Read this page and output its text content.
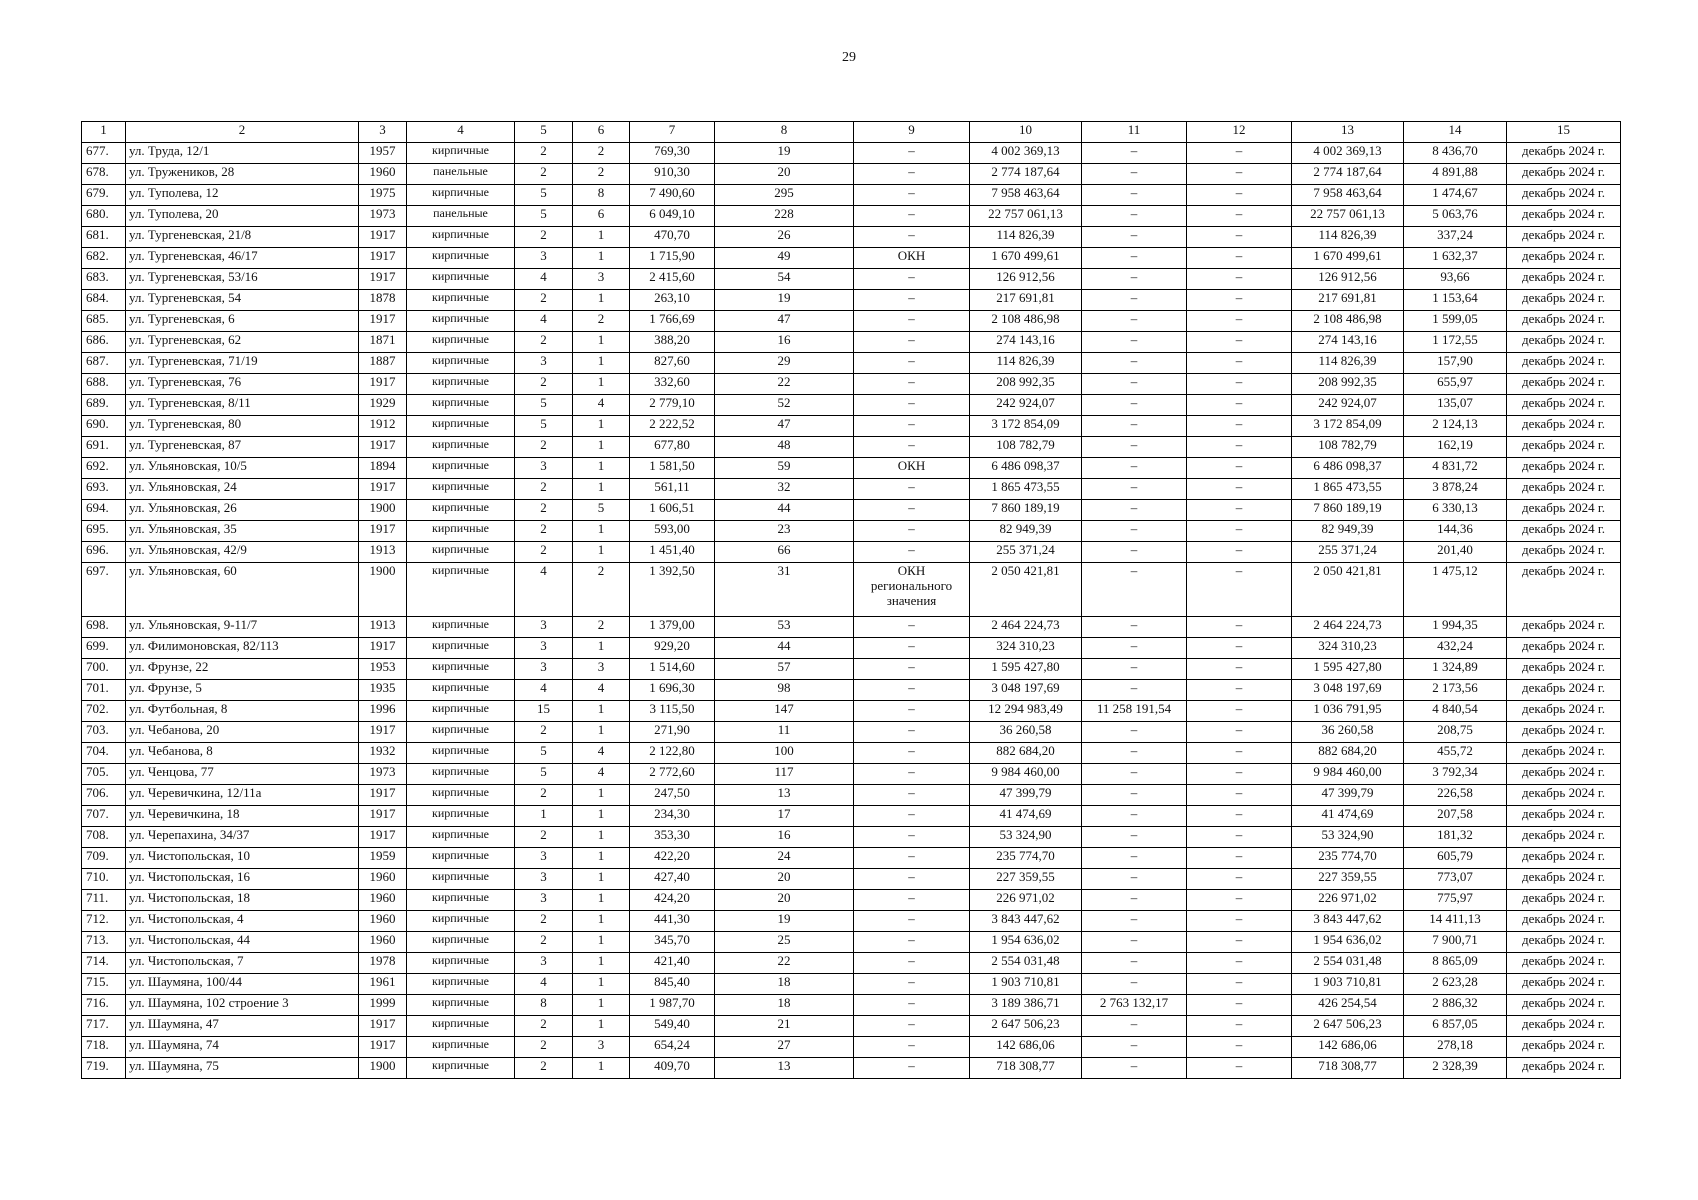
29
1	2	3	4	5	6	7	8	9	10	11	12	13	14	15
677.	ул. Труда, 12/1	1957	кирпичные	2	2	769,30	19	–	4 002 369,13	–	–	4 002 369,13	8 436,70	декабрь 2024 г.
678.	ул. Тружеников, 28	1960	панельные	2	2	910,30	20	–	2 774 187,64	–	–	2 774 187,64	4 891,88	декабрь 2024 г.
679.	ул. Туполева, 12	1975	кирпичные	5	8	7 490,60	295	–	7 958 463,64	–	–	7 958 463,64	1 474,67	декабрь 2024 г.
680.	ул. Туполева, 20	1973	панельные	5	6	6 049,10	228	–	22 757 061,13	–	–	22 757 061,13	5 063,76	декабрь 2024 г.
681.	ул. Тургеневская, 21/8	1917	кирпичные	2	1	470,70	26	–	114 826,39	–	–	114 826,39	337,24	декабрь 2024 г.
682.	ул. Тургеневская, 46/17	1917	кирпичные	3	1	1 715,90	49	ОКН	1 670 499,61	–	–	1 670 499,61	1 632,37	декабрь 2024 г.
683.	ул. Тургеневская, 53/16	1917	кирпичные	4	3	2 415,60	54	–	126 912,56	–	–	126 912,56	93,66	декабрь 2024 г.
684.	ул. Тургеневская, 54	1878	кирпичные	2	1	263,10	19	–	217 691,81	–	–	217 691,81	1 153,64	декабрь 2024 г.
685.	ул. Тургеневская, 6	1917	кирпичные	4	2	1 766,69	47	–	2 108 486,98	–	–	2 108 486,98	1 599,05	декабрь 2024 г.
686.	ул. Тургеневская, 62	1871	кирпичные	2	1	388,20	16	–	274 143,16	–	–	274 143,16	1 172,55	декабрь 2024 г.
687.	ул. Тургеневская, 71/19	1887	кирпичные	3	1	827,60	29	–	114 826,39	–	–	114 826,39	157,90	декабрь 2024 г.
688.	ул. Тургеневская, 76	1917	кирпичные	2	1	332,60	22	–	208 992,35	–	–	208 992,35	655,97	декабрь 2024 г.
689.	ул. Тургеневская, 8/11	1929	кирпичные	5	4	2 779,10	52	–	242 924,07	–	–	242 924,07	135,07	декабрь 2024 г.
690.	ул. Тургеневская, 80	1912	кирпичные	5	1	2 222,52	47	–	3 172 854,09	–	–	3 172 854,09	2 124,13	декабрь 2024 г.
691.	ул. Тургеневская, 87	1917	кирпичные	2	1	677,80	48	–	108 782,79	–	–	108 782,79	162,19	декабрь 2024 г.
692.	ул. Ульяновская, 10/5	1894	кирпичные	3	1	1 581,50	59	ОКН	6 486 098,37	–	–	6 486 098,37	4 831,72	декабрь 2024 г.
693.	ул. Ульяновская, 24	1917	кирпичные	2	1	561,11	32	–	1 865 473,55	–	–	1 865 473,55	3 878,24	декабрь 2024 г.
694.	ул. Ульяновская, 26	1900	кирпичные	2	5	1 606,51	44	–	7 860 189,19	–	–	7 860 189,19	6 330,13	декабрь 2024 г.
695.	ул. Ульяновская, 35	1917	кирпичные	2	1	593,00	23	–	82 949,39	–	–	82 949,39	144,36	декабрь 2024 г.
696.	ул. Ульяновская, 42/9	1913	кирпичные	2	1	1 451,40	66	–	255 371,24	–	–	255 371,24	201,40	декабрь 2024 г.
697.	ул. Ульяновская, 60	1900	кирпичные	4	2	1 392,50	31	ОКН регионального значения	2 050 421,81	–	–	2 050 421,81	1 475,12	декабрь 2024 г.
698.	ул. Ульяновская, 9-11/7	1913	кирпичные	3	2	1 379,00	53	–	2 464 224,73	–	–	2 464 224,73	1 994,35	декабрь 2024 г.
699.	ул. Филимоновская, 82/113	1917	кирпичные	3	1	929,20	44	–	324 310,23	–	–	324 310,23	432,24	декабрь 2024 г.
700.	ул. Фрунзе, 22	1953	кирпичные	3	3	1 514,60	57	–	1 595 427,80	–	–	1 595 427,80	1 324,89	декабрь 2024 г.
701.	ул. Фрунзе, 5	1935	кирпичные	4	4	1 696,30	98	–	3 048 197,69	–	–	3 048 197,69	2 173,56	декабрь 2024 г.
702.	ул. Футбольная, 8	1996	кирпичные	15	1	3 115,50	147	–	12 294 983,49	11 258 191,54	–	1 036 791,95	4 840,54	декабрь 2024 г.
703.	ул. Чебанова, 20	1917	кирпичные	2	1	271,90	11	–	36 260,58	–	–	36 260,58	208,75	декабрь 2024 г.
704.	ул. Чебанова, 8	1932	кирпичные	5	4	2 122,80	100	–	882 684,20	–	–	882 684,20	455,72	декабрь 2024 г.
705.	ул. Ченцова, 77	1973	кирпичные	5	4	2 772,60	117	–	9 984 460,00	–	–	9 984 460,00	3 792,34	декабрь 2024 г.
706.	ул. Черевичкина, 12/11а	1917	кирпичные	2	1	247,50	13	–	47 399,79	–	–	47 399,79	226,58	декабрь 2024 г.
707.	ул. Черевичкина, 18	1917	кирпичные	1	1	234,30	17	–	41 474,69	–	–	41 474,69	207,58	декабрь 2024 г.
708.	ул. Черепахина, 34/37	1917	кирпичные	2	1	353,30	16	–	53 324,90	–	–	53 324,90	181,32	декабрь 2024 г.
709.	ул. Чистопольская, 10	1959	кирпичные	3	1	422,20	24	–	235 774,70	–	–	235 774,70	605,79	декабрь 2024 г.
710.	ул. Чистопольская, 16	1960	кирпичные	3	1	427,40	20	–	227 359,55	–	–	227 359,55	773,07	декабрь 2024 г.
711.	ул. Чистопольская, 18	1960	кирпичные	3	1	424,20	20	–	226 971,02	–	–	226 971,02	775,97	декабрь 2024 г.
712.	ул. Чистопольская, 4	1960	кирпичные	2	1	441,30	19	–	3 843 447,62	–	–	3 843 447,62	14 411,13	декабрь 2024 г.
713.	ул. Чистопольская, 44	1960	кирпичные	2	1	345,70	25	–	1 954 636,02	–	–	1 954 636,02	7 900,71	декабрь 2024 г.
714.	ул. Чистопольская, 7	1978	кирпичные	3	1	421,40	22	–	2 554 031,48	–	–	2 554 031,48	8 865,09	декабрь 2024 г.
715.	ул. Шаумяна, 100/44	1961	кирпичные	4	1	845,40	18	–	1 903 710,81	–	–	1 903 710,81	2 623,28	декабрь 2024 г.
716.	ул. Шаумяна, 102 строение 3	1999	кирпичные	8	1	1 987,70	18	–	3 189 386,71	2 763 132,17	–	426 254,54	2 886,32	декабрь 2024 г.
717.	ул. Шаумяна, 47	1917	кирпичные	2	1	549,40	21	–	2 647 506,23	–	–	2 647 506,23	6 857,05	декабрь 2024 г.
718.	ул. Шаумяна, 74	1917	кирпичные	2	3	654,24	27	–	142 686,06	–	–	142 686,06	278,18	декабрь 2024 г.
719.	ул. Шаумяна, 75	1900	кирпичные	2	1	409,70	13	–	718 308,77	–	–	718 308,77	2 328,39	декабрь 2024 г.
